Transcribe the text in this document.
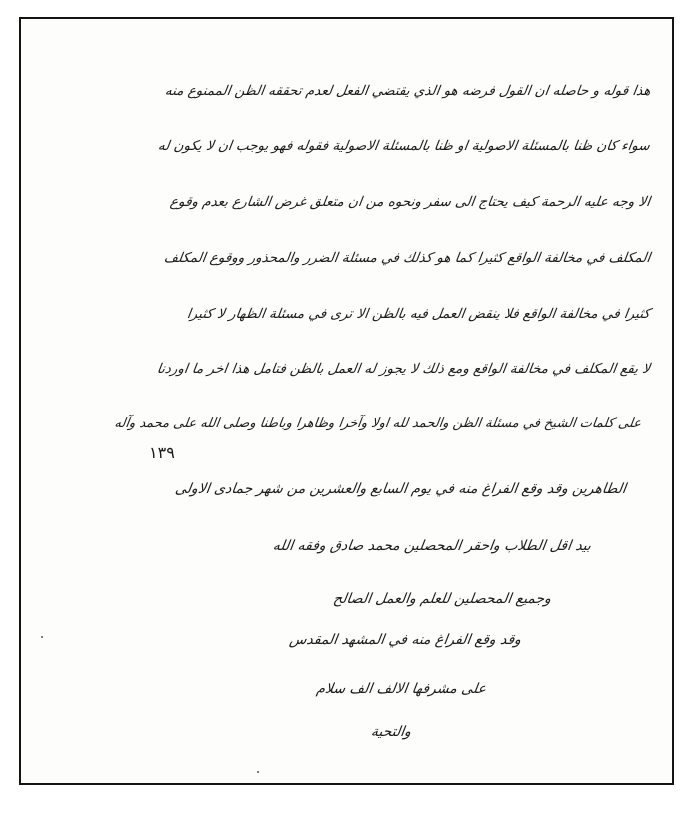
هذا قوله و حاصله ان القول فرضه هو الذي يقتضي الفعل لعدم تحققه الظن الممنوع منه
سواء كان ظنا بالمسئلة الاصولية او ظنا بالمسئلة الاصولية فقوله فهو يوجب ان لا يكون له
الا وجه عليه الرحمة كيف يحتاج الى سفر ونحوه من ان متعلق غرض الشارع بعدم وقوع
المكلف في مخالفة الواقع كثيرا كما هو كذلك في مسئلة الضرر والمحذور ووقوع المكلف
كثيرا في مخالفة الواقع فلا ينقض العمل فيه بالظن الا ترى في مسئلة الظهار لا كثيرا
لا يقع المكلف في مخالفة الواقع ومع ذلك لا يجوز له العمل بالظن فتامل هذا اخر ما اوردنا
على كلمات الشيخ في مسئلة الظن والحمد لله اولا وآخرا وظاهرا وباطنا وصلى الله على محمد وآله
الطاهرين وقد وقع الفراغ منه في يوم السابع والعشرين من شهر جمادى الاولى
بيد اقل الطلاب واحقر المحصلين محمد صادق وفقه الله
وجميع المحصلين للعلم والعمل الصالح
وقد وقع الفراغ منه في المشهد المقدس
على مشرفها الالف الف سلام
والتحية
١٣٩
